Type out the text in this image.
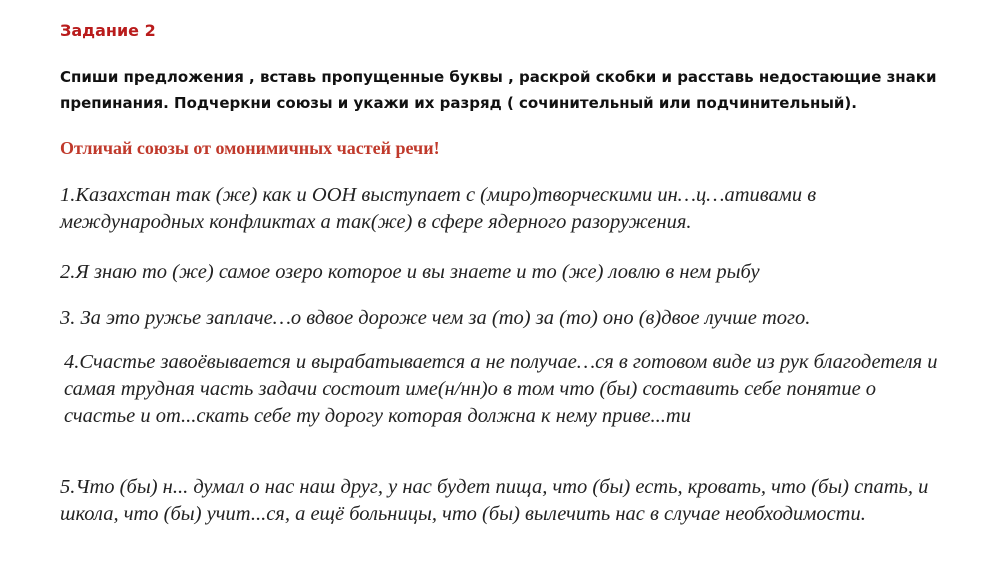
Задание 2
Спиши предложения , вставь пропущенные буквы , раскрой скобки и расставь недостающие знаки препинания. Подчеркни союзы и укажи их разряд ( сочинительный или подчинительный).
Отличай союзы от омонимичных частей речи!
1.Казахстан так (же) как и ООН выступает с (миро)творческими ин…ц…ативами в международных конфликтах а так(же) в сфере ядерного разоружения.
2.Я знаю то (же) самое озеро которое и вы знаете и то (же) ловлю в нем рыбу
3. За это ружье заплаче…о вдвое дороже чем за (то) за (то) оно (в)двое лучше того.
4.Счастье завоёвывается и вырабатывается а не получае…ся в готовом виде из рук благодетеля и самая трудная часть задачи состоит име(н/нн)о в том что (бы) составить себе понятие о счастье и от...скать себе ту дорогу которая должна к нему приве...ти
5.Что (бы) н... думал о нас наш друг, у нас будет пища, что (бы) есть, кровать, что (бы) спать, и школа, что (бы) учит...ся, а ещё больницы, что (бы) вылечить нас в случае необходимости.
